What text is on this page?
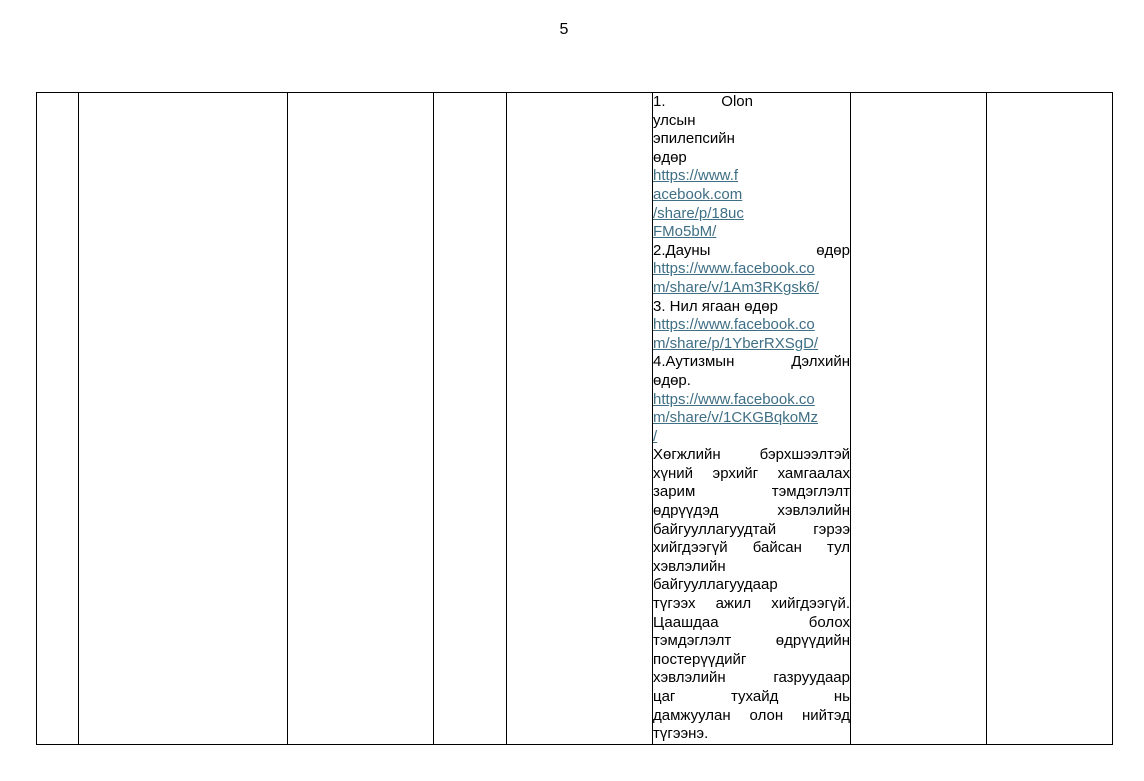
5

1. Olon
улсын
эпилепсийн
өдөр
https://www.f
acebook.com
/share/p/18uc
FMo5bM/
2.Дауны өдөр
https://www.facebook.co
m/share/v/1Am3RKgsk6/
3. Нил ягаан өдөр
https://www.facebook.co
m/share/p/1YberRXSgD/
4.Аутизмын Дэлхийн
өдөр.
https://www.facebook.co
m/share/v/1CKGBqkoMz
/
Хөгжлийн бэрхшээлтэй
хүний эрхийг хамгаалах
зарим тэмдэглэлт
өдрүүдэд хэвлэлийн
байгууллагуудтай гэрээ
хийгдээгүй байсан тул
хэвлэлийн
байгууллагуудаар
түгээх ажил хийгдээгүй.
Цаашдаа болох
тэмдэглэлт өдрүүдийн
постерүүдийг
хэвлэлийн газруудаар
цаг тухайд нь
дамжуулан олон нийтэд
түгээнэ.
